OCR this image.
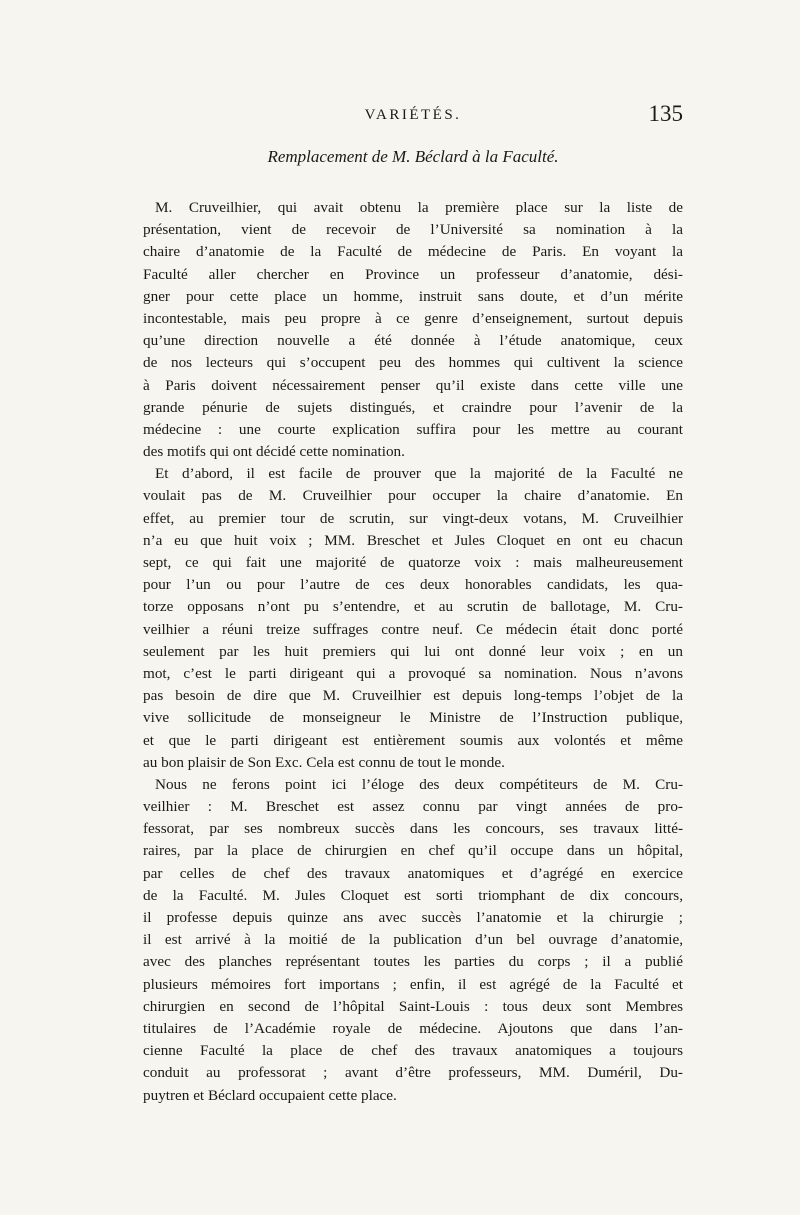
VARIÉTÉS.	135
Remplacement de M. Béclard à la Faculté.
M. Cruveilhier, qui avait obtenu la première place sur la liste de
présentation, vient de recevoir de l’Université sa nomination à la
chaire d’anatomie de la Faculté de médecine de Paris. En voyant la
Faculté aller chercher en Province un professeur d’anatomie, dési-
gner pour cette place un homme, instruit sans doute, et d’un mérite
incontestable, mais peu propre à ce genre d’enseignement, surtout depuis
qu’une direction nouvelle a été donnée à l’étude anatomique, ceux
de nos lecteurs qui s’occupent peu des hommes qui cultivent la science
à Paris doivent nécessairement penser qu’il existe dans cette ville une
grande pénurie de sujets distingués, et craindre pour l’avenir de la
médecine : une courte explication suffira pour les mettre au courant
des motifs qui ont décidé cette nomination.
Et d’abord, il est facile de prouver que la majorité de la Faculté ne
voulait pas de M. Cruveilhier pour occuper la chaire d’anatomie. En
effet, au premier tour de scrutin, sur vingt-deux votans, M. Cruveilhier
n’a eu que huit voix ; MM. Breschet et Jules Cloquet en ont eu chacun
sept, ce qui fait une majorité de quatorze voix : mais malheureusement
pour l’un ou pour l’autre de ces deux honorables candidats, les qua-
torze opposans n’ont pu s’entendre, et au scrutin de ballotage, M. Cru-
veilhier a réuni treize suffrages contre neuf. Ce médecin était donc porté
seulement par les huit premiers qui lui ont donné leur voix ; en un
mot, c’est le parti dirigeant qui a provoqué sa nomination. Nous n’avons
pas besoin de dire que M. Cruveilhier est depuis long-temps l’objet de la
vive sollicitude de monseigneur le Ministre de l’Instruction publique,
et que le parti dirigeant est entièrement soumis aux volontés et même
au bon plaisir de Son Exc. Cela est connu de tout le monde.
Nous ne ferons point ici l’éloge des deux compétiteurs de M. Cru-
veilhier : M. Breschet est assez connu par vingt années de pro-
fessorat, par ses nombreux succès dans les concours, ses travaux litté-
raires, par la place de chirurgien en chef qu’il occupe dans un hôpital,
par celles de chef des travaux anatomiques et d’agrégé en exercice
de la Faculté. M. Jules Cloquet est sorti triomphant de dix concours,
il professe depuis quinze ans avec succès l’anatomie et la chirurgie ;
il est arrivé à la moitié de la publication d’un bel ouvrage d’anatomie,
avec des planches représentant toutes les parties du corps ; il a publié
plusieurs mémoires fort importans ; enfin, il est agrégé de la Faculté et
chirurgien en second de l’hôpital Saint-Louis : tous deux sont Membres
titulaires de l’Académie royale de médecine. Ajoutons que dans l’an-
cienne Faculté la place de chef des travaux anatomiques a toujours
conduit au professorat ; avant d’être professeurs, MM. Duméril, Du-
puytren et Béclard occupaient cette place.
